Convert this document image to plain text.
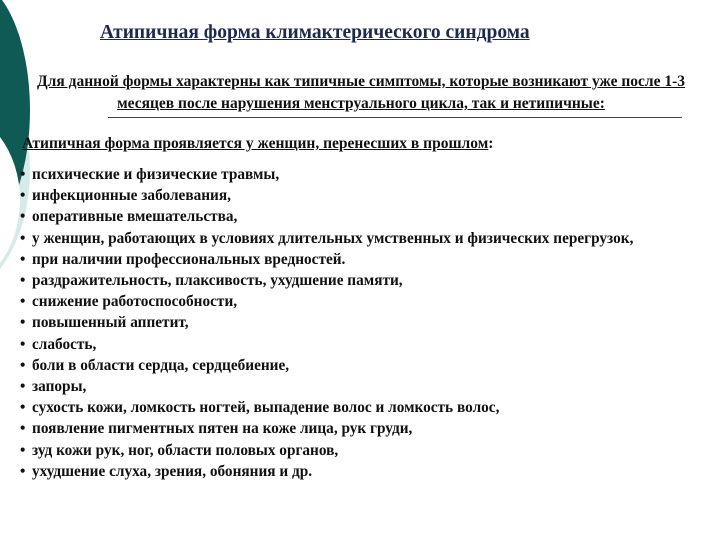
Атипичная форма климактерического синдрома
Для данной формы характерны как типичные симптомы, которые возникают уже после 1-3 месяцев после нарушения менструального цикла, так и нетипичные:
Атипичная форма проявляется у женщин, перенесших в прошлом:
• психические и физические травмы,
• инфекционные заболевания,
• оперативные вмешательства,
• у женщин, работающих в условиях длительных умственных и физических перегрузок,
• при наличии профессиональных вредностей.
• раздражительность, плаксивость, ухудшение памяти,
• снижение работоспособности,
• повышенный аппетит,
• слабость,
• боли в области сердца, сердцебиение,
• запоры,
• сухость кожи, ломкость ногтей, выпадение волос и ломкость волос,
• появление пигментных пятен на коже лица, рук груди,
• зуд кожи рук, ног, области половых органов,
• ухудшение слуха, зрения, обоняния и др.
